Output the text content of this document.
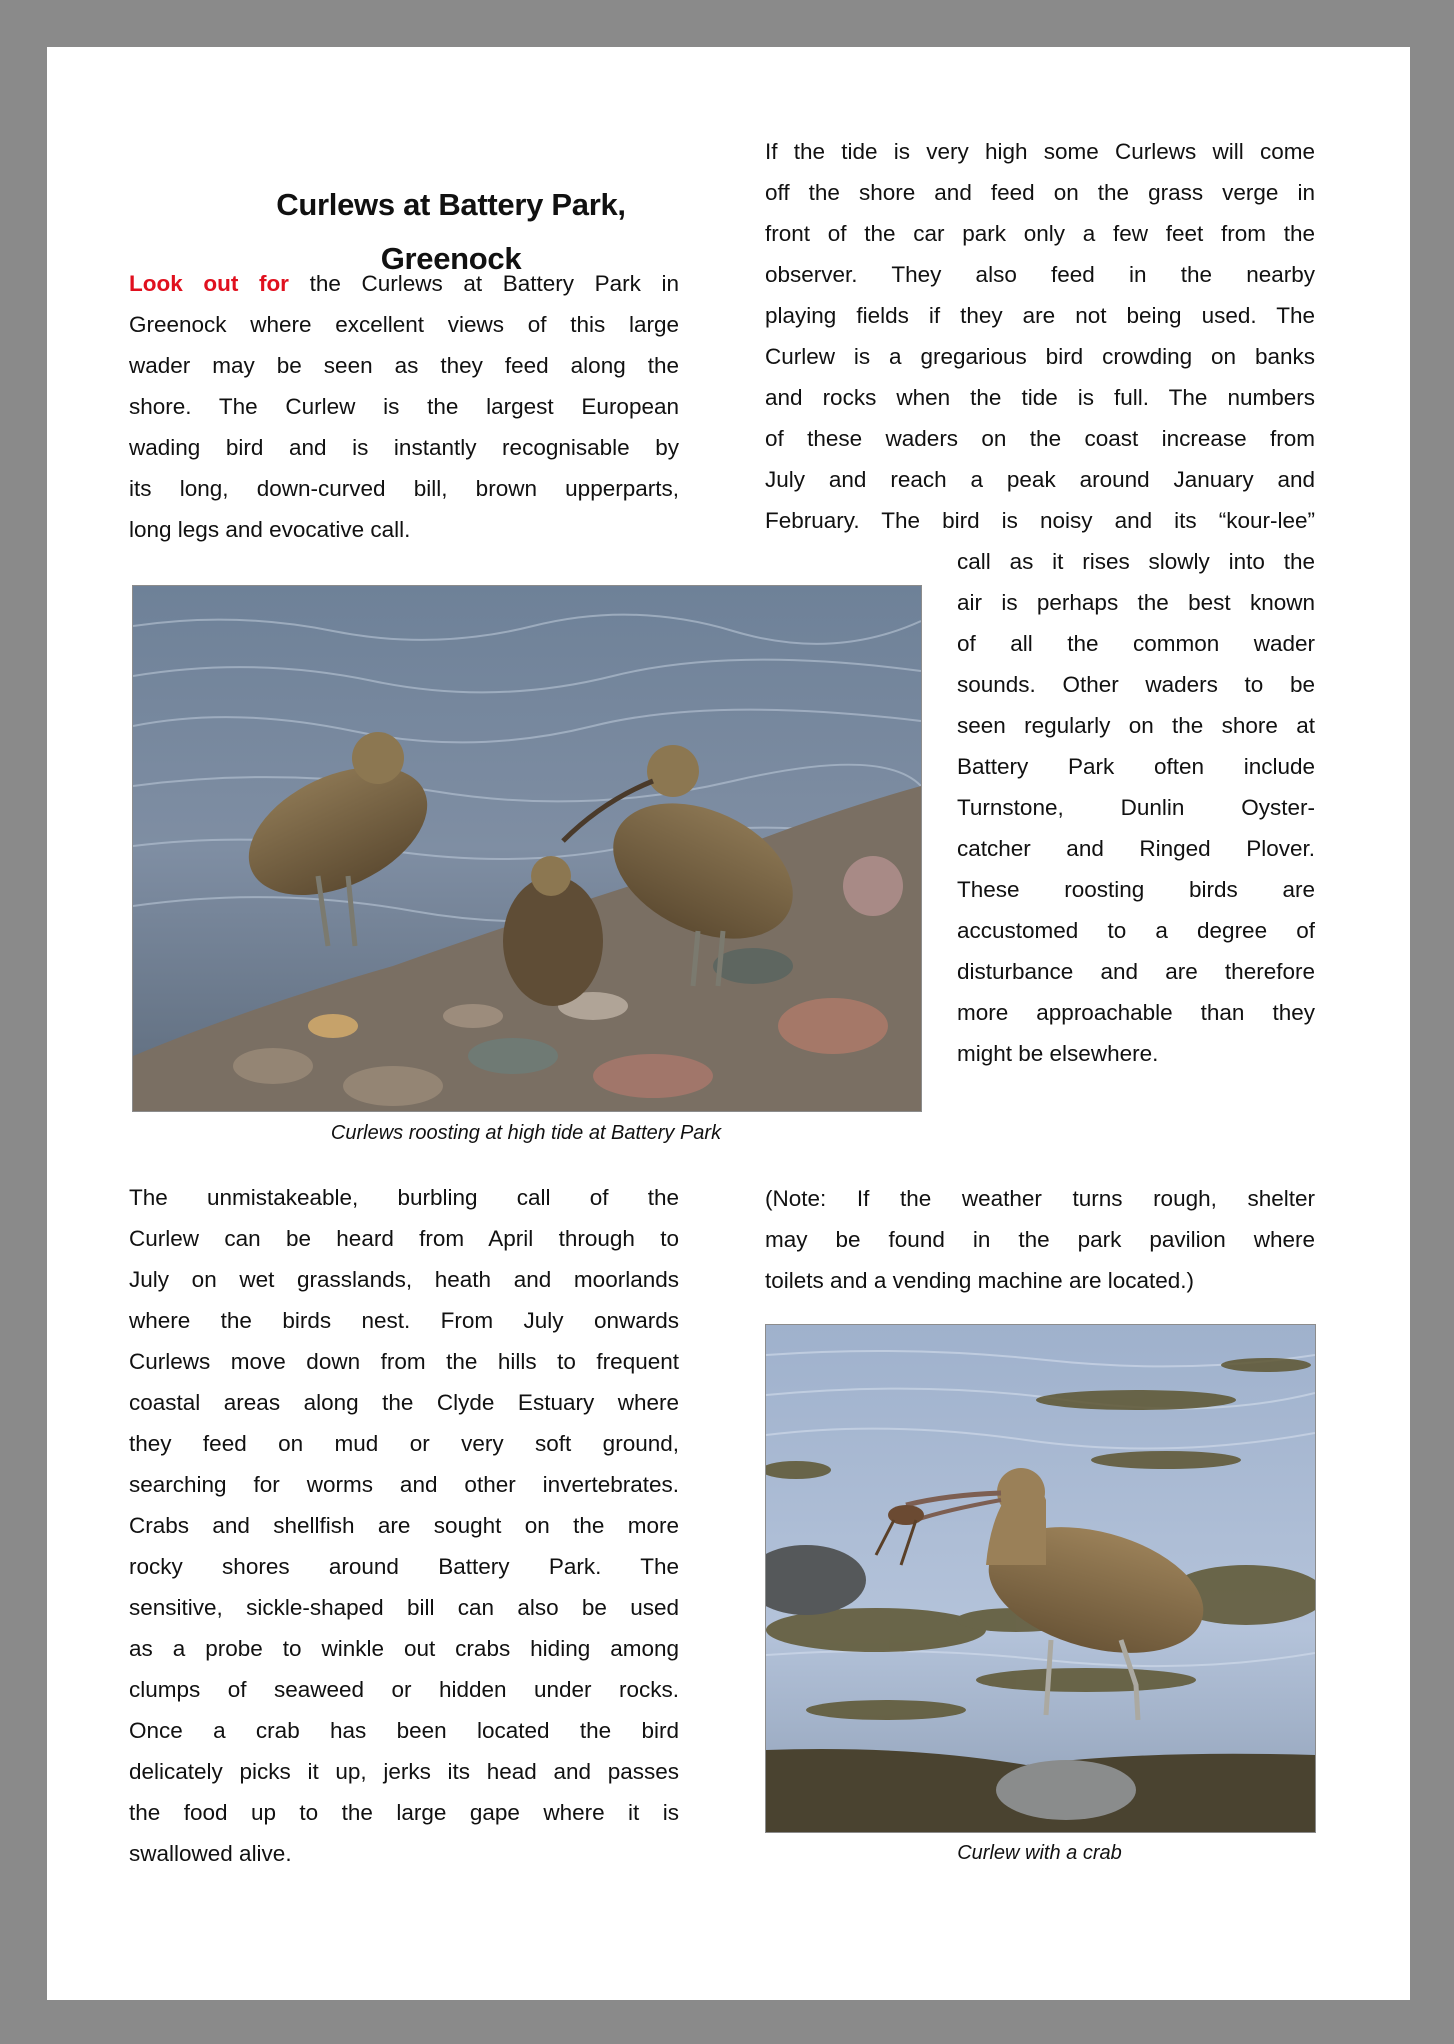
Curlews at Battery Park,
Greenock
Look out for the Curlews at Battery Park in
Greenock where excellent views of this large
wader may be seen as they feed along the
shore. The Curlew is the largest European
wading bird and is instantly recognisable by
its long, down-curved bill, brown upperparts,
long legs and evocative call.
If the tide is very high some Curlews will come
off the shore and feed on the grass verge in
front of the car park only a few feet from the
observer. They also feed in the nearby
playing fields if they are not being used. The
Curlew is a gregarious bird crowding on banks
and rocks when the tide is full. The numbers
of these waders on the coast increase from
July and reach a peak around January and
February. The bird is noisy and its “kour-lee”
call as it rises slowly into the
air is perhaps the best known
of all the common wader
sounds. Other waders to be
seen regularly on the shore at
Battery Park often include
Turnstone, Dunlin Oyster-
catcher and Ringed Plover.
These roosting birds are
accustomed to a degree of
disturbance and are therefore
more approachable than they
might be elsewhere.
Curlews roosting at high tide at Battery Park
The unmistakeable, burbling call of the
Curlew can be heard from April through to
July on wet grasslands, heath and moorlands
where the birds nest. From July onwards
Curlews move down from the hills to frequent
coastal areas along the Clyde Estuary where
they feed on mud or very soft ground,
searching for worms and other invertebrates.
Crabs and shellfish are sought on the more
rocky shores around Battery Park. The
sensitive, sickle-shaped bill can also be used
as a probe to winkle out crabs hiding among
clumps of seaweed or hidden under rocks.
Once a crab has been located the bird
delicately picks it up, jerks its head and passes
the food up to the large gape where it is
swallowed alive.
(Note: If the weather turns rough, shelter
may be found in the park pavilion where
toilets and a vending machine are located.)
Curlew with a crab
